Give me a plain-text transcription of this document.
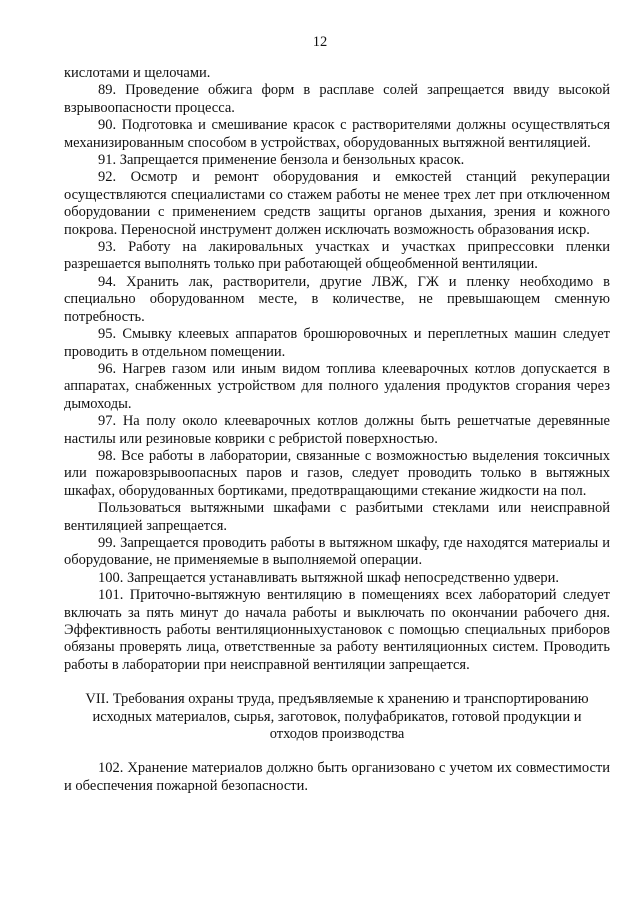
12

кислотами и щелочами.

89. Проведение обжига форм в расплаве солей запрещается ввиду высокой взрывоопасности процесса.

90. Подготовка и смешивание красок с растворителями должны осуществляться механизированным способом в устройствах, оборудованных вытяжной вентиляцией.

91. Запрещается применение бензола и бензольных красок.

92. Осмотр и ремонт оборудования и емкостей станций рекуперации осуществляются специалистами со стажем работы не менее трех лет при отключенном оборудовании с применением средств защиты органов дыхания, зрения и кожного покрова. Переносной инструмент должен исключать возможность образования искр.

93. Работу на лакировальных участках и участках припрессовки пленки разрешается выполнять только при работающей общеобменной вентиляции.

94. Хранить лак, растворители, другие ЛВЖ, ГЖ и пленку необходимо в специально оборудованном месте, в количестве, не превышающем сменную потребность.

95. Смывку клеевых аппаратов брошюровочных и переплетных машин следует проводить в отдельном помещении.

96. Нагрев газом или иным видом топлива клееварочных котлов допускается в аппаратах, снабженных устройством для полного удаления продуктов сгорания через дымоходы.

97. На полу около клееварочных котлов должны быть решетчатые деревянные настилы или резиновые коврики с ребристой поверхностью.

98. Все работы в лаборатории, связанные с возможностью выделения токсичных или пожаровзрывоопасных паров и газов, следует проводить только в вытяжных шкафах, оборудованных бортиками, предотвращающими стекание жидкости на пол.

Пользоваться вытяжными шкафами с разбитыми стеклами или неисправной вентиляцией запрещается.

99. Запрещается проводить работы в вытяжном шкафу, где находятся материалы и оборудование, не применяемые в выполняемой операции.

100. Запрещается устанавливать вытяжной шкаф непосредственно удвери.

101. Приточно-вытяжную вентиляцию в помещениях всех лабораторий следует включать за пять минут до начала работы и выключать по окончании рабочего дня. Эффективность работы вентиляционныхустановок с помощью специальных приборов обязаны проверять лица, ответственные за работу вентиляционных систем. Проводить работы в лаборатории при неисправной вентиляции запрещается.

VII. Требования охраны труда, предъявляемые к хранению и транспортированию исходных материалов, сырья, заготовок, полуфабрикатов, готовой продукции и отходов производства

102. Хранение материалов должно быть организовано с учетом их совместимости и обеспечения пожарной безопасности.
